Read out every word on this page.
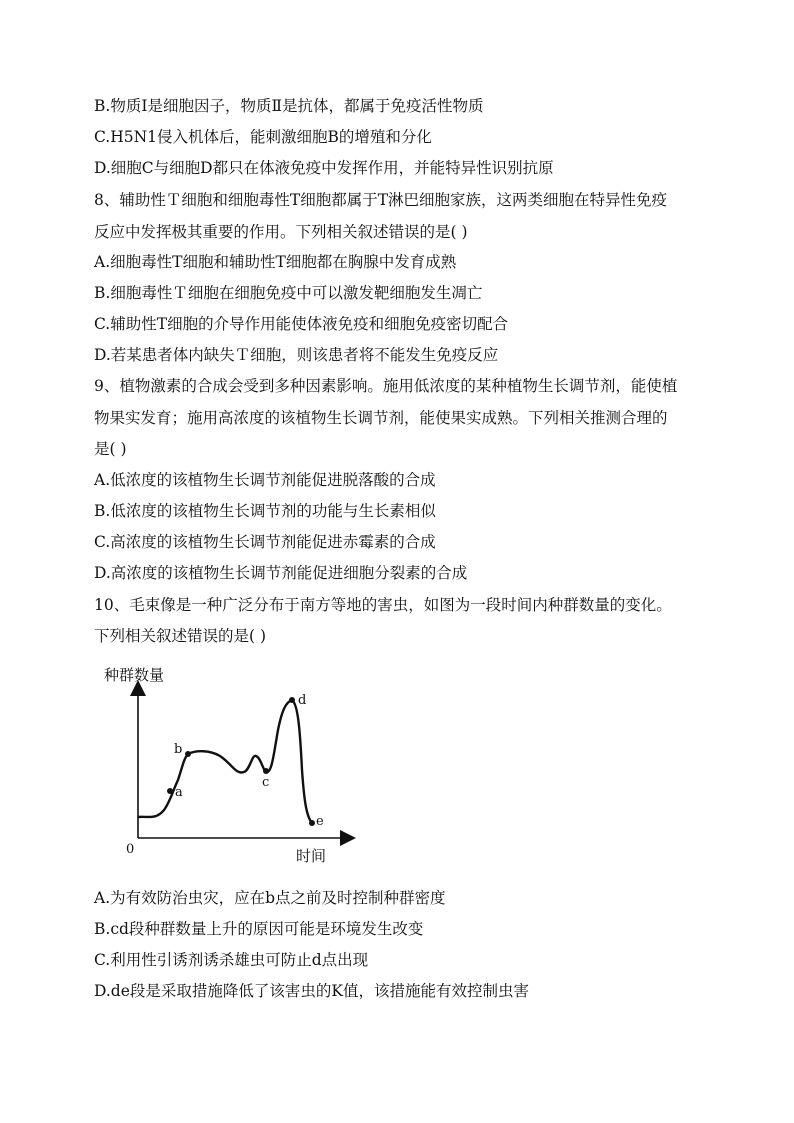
B.物质Ⅰ是细胞因子，物质Ⅱ是抗体，都属于免疫活性物质
C.H5N1侵入机体后，能刺激细胞B的增殖和分化
D.细胞C与细胞D都只在体液免疫中发挥作用，并能特异性识别抗原
8、辅助性Ｔ细胞和细胞毒性T细胞都属于T淋巴细胞家族，这两类细胞在特异性免疫
反应中发挥极其重要的作用。下列相关叙述错误的是( )
A.细胞毒性T细胞和辅助性T细胞都在胸腺中发育成熟
B.细胞毒性Ｔ细胞在细胞免疫中可以激发靶细胞发生凋亡
C.辅助性T细胞的介导作用能使体液免疫和细胞免疫密切配合
D.若某患者体内缺失Ｔ细胞，则该患者将不能发生免疫反应
9、植物激素的合成会受到多种因素影响。施用低浓度的某种植物生长调节剂，能使植
物果实发育；施用高浓度的该植物生长调节剂，能使果实成熟。下列相关推测合理的
是( )
A.低浓度的该植物生长调节剂能促进脱落酸的合成
B.低浓度的该植物生长调节剂的功能与生长素相似
C.高浓度的该植物生长调节剂能促进赤霉素的合成
D.高浓度的该植物生长调节剂能促进细胞分裂素的合成
10、毛束像是一种广泛分布于南方等地的害虫，如图为一段时间内种群数量的变化。
下列相关叙述错误的是( )
种群数量
时间
0
a
b
c
d
e
A.为有效防治虫灾，应在b点之前及时控制种群密度
B.cd段种群数量上升的原因可能是环境发生改变
C.利用性引诱剂诱杀雄虫可防止d点出现
D.de段是采取措施降低了该害虫的K值，该措施能有效控制虫害
